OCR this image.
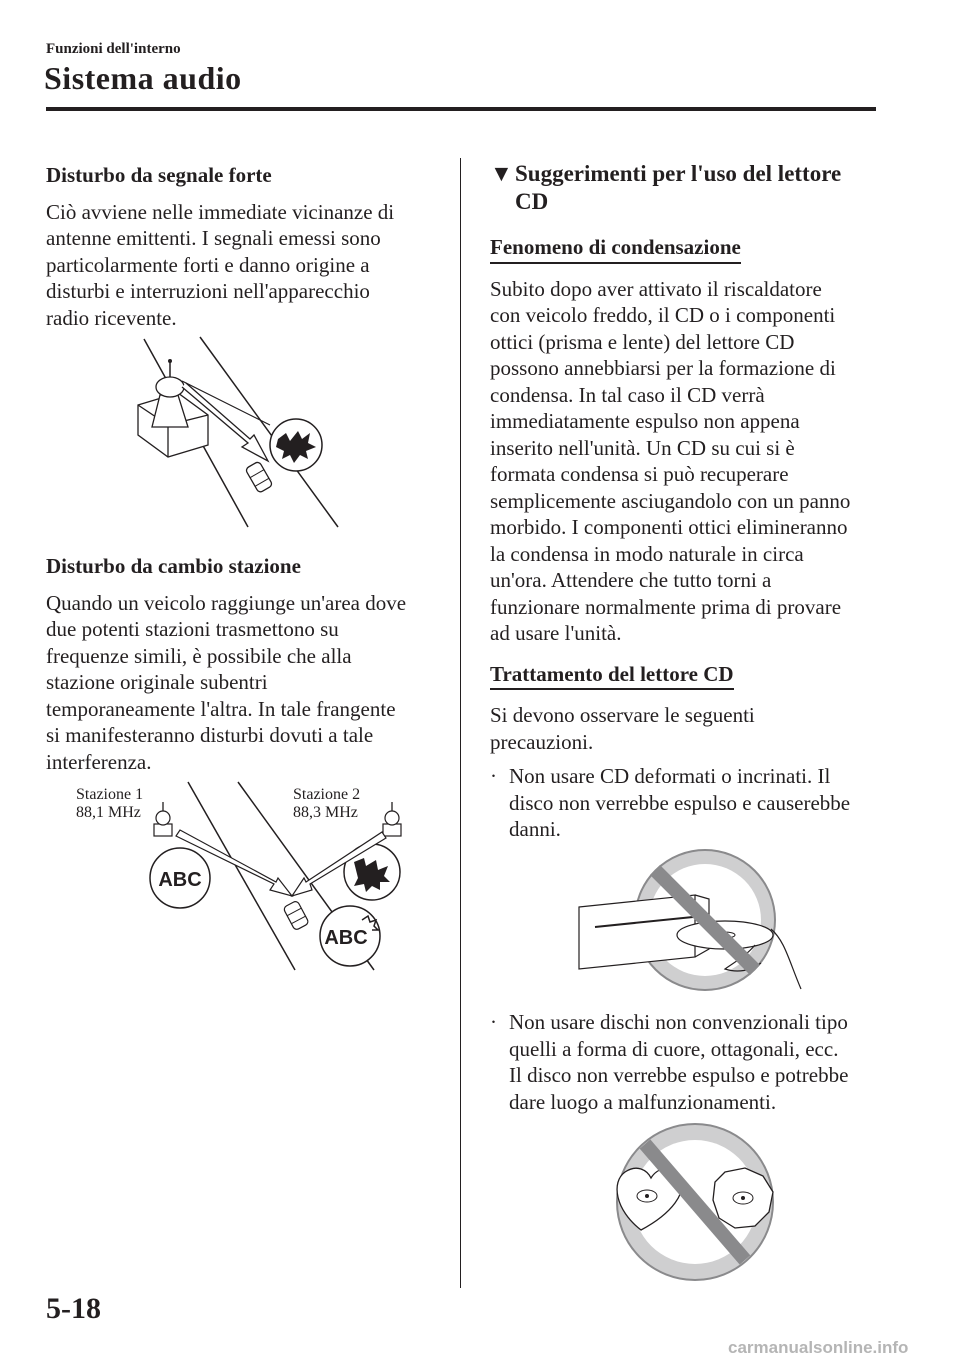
Funzioni dell'interno
Sistema audio

Disturbo da segnale forte

Ciò avviene nelle immediate vicinanze di
antenne emittenti. I segnali emessi sono
particolarmente forti e danno origine a
disturbi e interruzioni nell'apparecchio
radio ricevente.

Disturbo da cambio stazione

Quando un veicolo raggiunge un'area dove
due potenti stazioni trasmettono su
frequenze simili, è possibile che alla
stazione originale subentri
temporaneamente l'altra. In tale frangente
si manifesteranno disturbi dovuti a tale
interferenza.
Stazione 1
88,1 MHz
Stazione 2
88,3 MHz
ABC
ABC
▼ Suggerimenti per l'uso del lettore
CD
Fenomeno di condensazione
Subito dopo aver attivato il riscaldatore
con veicolo freddo, il CD o i componenti
ottici (prisma e lente) del lettore CD
possono annebbiarsi per la formazione di
condensa. In tal caso il CD verrà
immediatamente espulso non appena
inserito nell'unità. Un CD su cui si è
formata condensa si può recuperare
semplicemente asciugandolo con un panno
morbido. I componenti ottici elimineranno
la condensa in modo naturale in circa
un'ora. Attendere che tutto torni a
funzionare normalmente prima di provare
ad usare l'unità.
Trattamento del lettore CD
Si devono osservare le seguenti
precauzioni.
· Non usare CD deformati o incrinati. Il
disco non verrebbe espulso e causerebbe
danni.
· Non usare dischi non convenzionali tipo
quelli a forma di cuore, ottagonali, ecc.
Il disco non verrebbe espulso e potrebbe
dare luogo a malfunzionamenti.
5-18
carmanualsonline.info
